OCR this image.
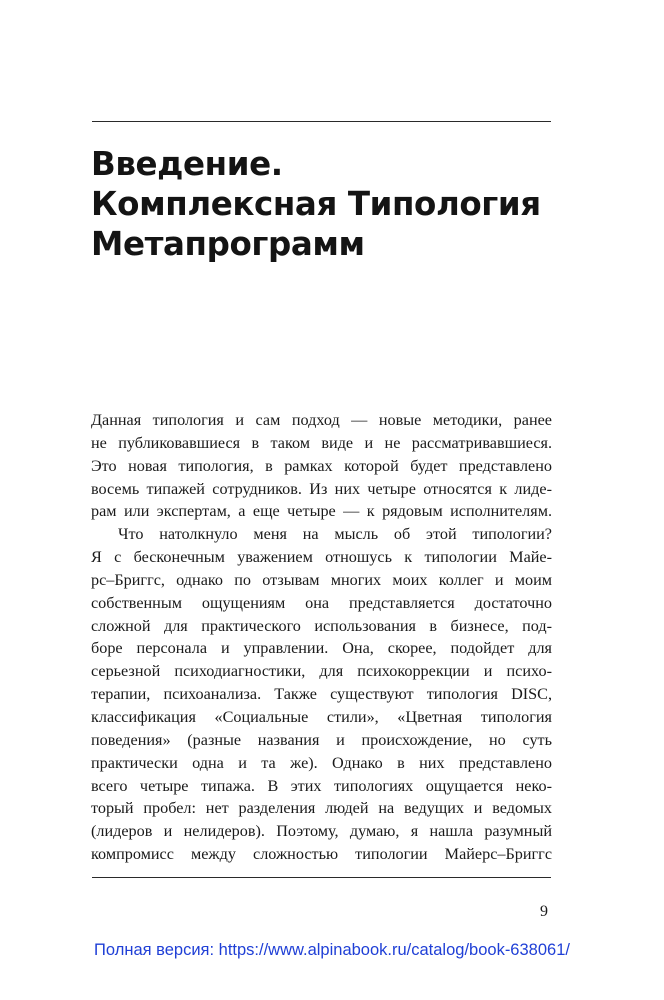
Введение.
Комплексная Типология
Метапрограмм
Данная типология и сам подход — новые методики, ранее
не публиковавшиеся в таком виде и не рассматривавшиеся.
Это новая типология, в рамках которой будет представлено
восемь типажей сотрудников. Из них четыре относятся к лиде-
рам или экспертам, а еще четыре — к рядовым исполнителям.
Что натолкнуло меня на мысль об этой типологии?
Я с бесконечным уважением отношусь к типологии Майе-
рс–Бриггс, однако по отзывам многих моих коллег и моим
собственным ощущениям она представляется достаточно
сложной для практического использования в бизнесе, под-
боре персонала и управлении. Она, скорее, подойдет для
серьезной психодиагностики, для психокоррекции и психо-
терапии, психоанализа. Также существуют типология DISC,
классификация «Социальные стили», «Цветная типология
поведения» (разные названия и происхождение, но суть
практически одна и та же). Однако в них представлено
всего четыре типажа. В этих типологиях ощущается неко-
торый пробел: нет разделения людей на ведущих и ведомых
(лидеров и нелидеров). Поэтому, думаю, я нашла разумный
компромисс между сложностью типологии Майерс–Бриггс
9
Полная версия: https://www.alpinabook.ru/catalog/book-638061/
